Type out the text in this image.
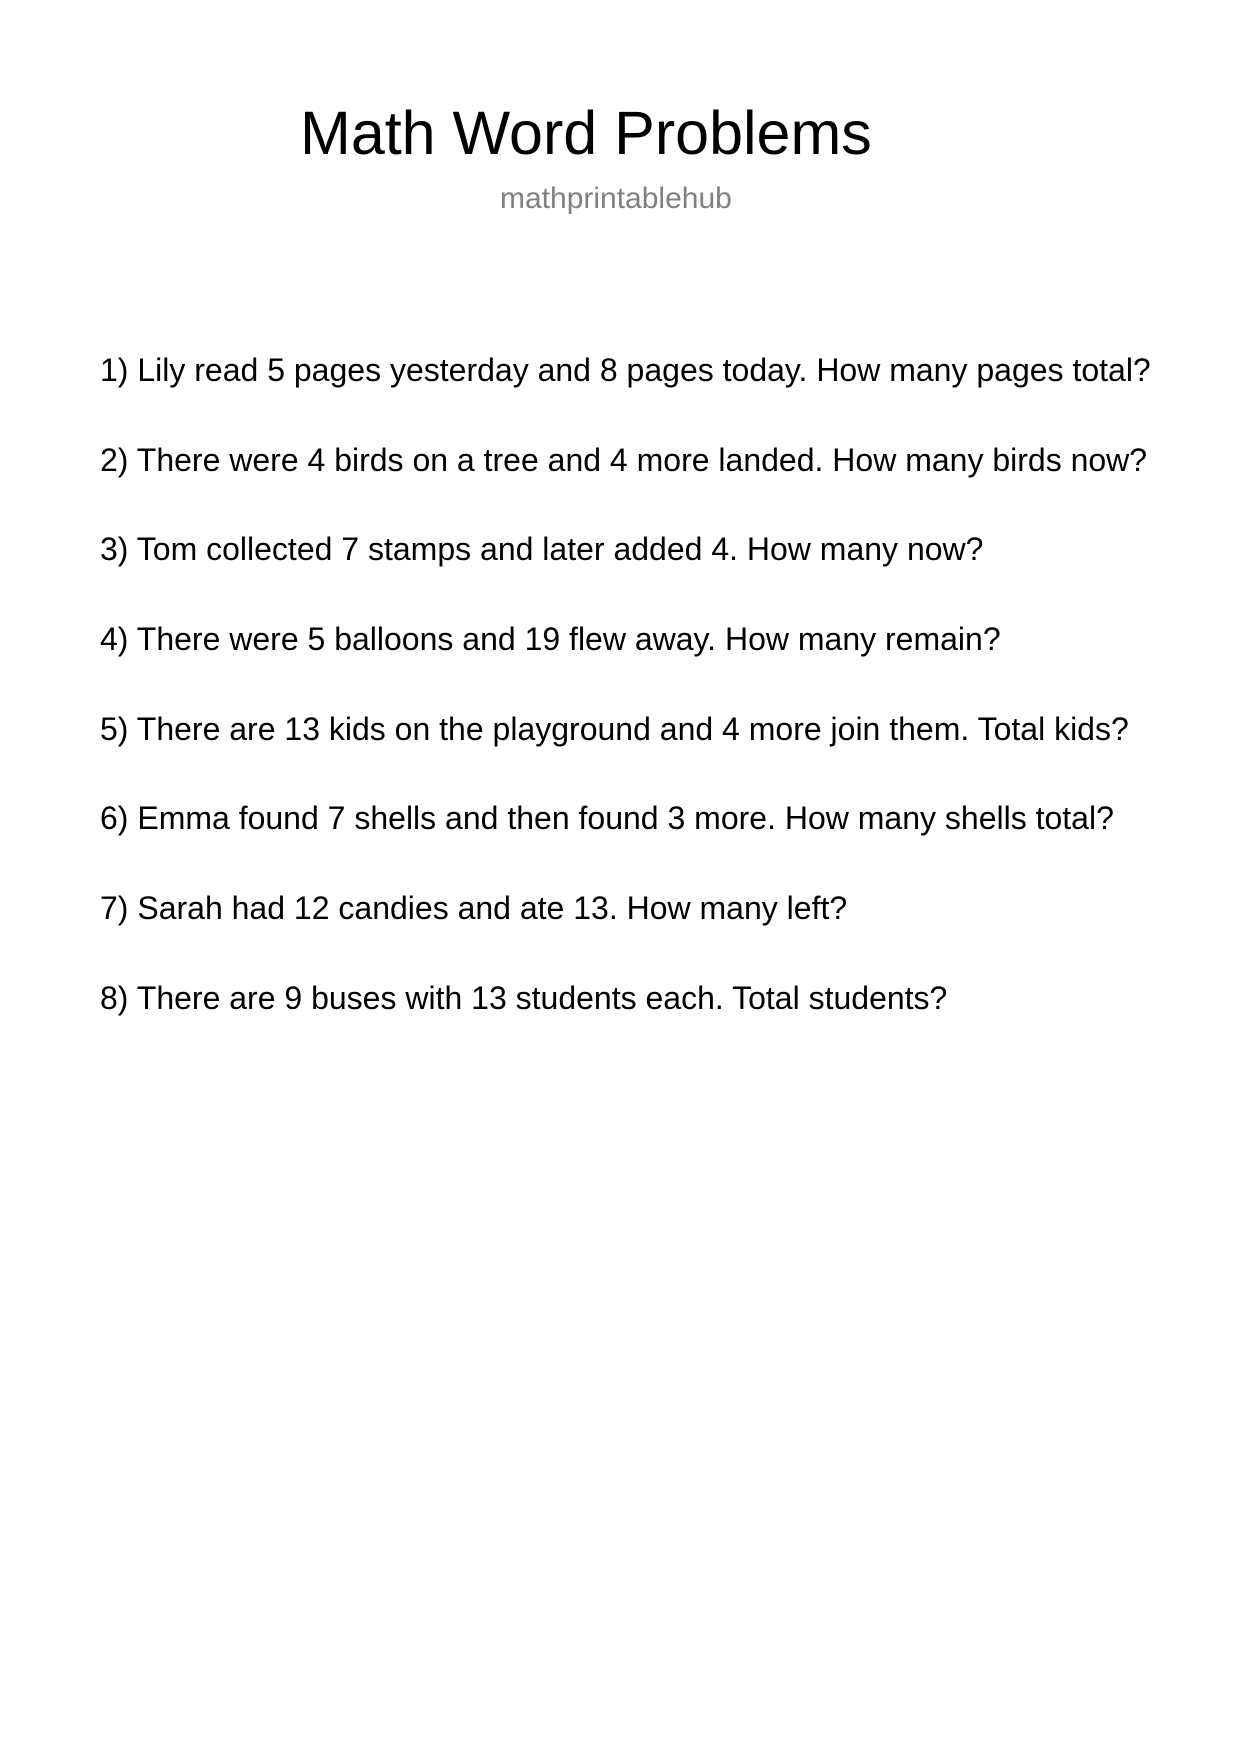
Math Word Problems
mathprintablehub
1) Lily read 5 pages yesterday and 8 pages today. How many pages total?
2) There were 4 birds on a tree and 4 more landed. How many birds now?
3) Tom collected 7 stamps and later added 4. How many now?
4) There were 5 balloons and 19 flew away. How many remain?
5) There are 13 kids on the playground and 4 more join them. Total kids?
6) Emma found 7 shells and then found 3 more. How many shells total?
7) Sarah had 12 candies and ate 13. How many left?
8) There are 9 buses with 13 students each. Total students?
